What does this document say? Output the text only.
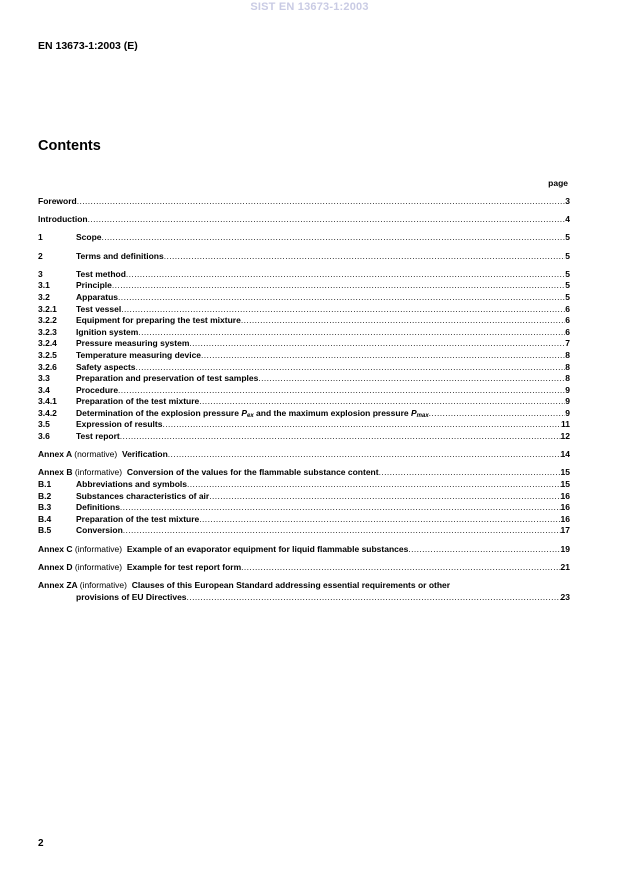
SIST EN 13673-1:2003
EN 13673-1:2003 (E)
Contents
page
Foreword .....	3
Introduction .....	4
1	Scope .....	5
2	Terms and definitions .....	5
3	Test method .....	5
3.1	Principle .....	5
3.2	Apparatus .....	5
3.2.1	Test vessel .....	6
3.2.2	Equipment for preparing the test mixture .....	6
3.2.3	Ignition system .....	6
3.2.4	Pressure measuring system .....	7
3.2.5	Temperature measuring device .....	8
3.2.6	Safety aspects .....	8
3.3	Preparation and preservation of test samples .....	8
3.4	Procedure .....	9
3.4.1	Preparation of the test mixture .....	9
3.4.2	Determination of the explosion pressure $P_{ex}$ and the maximum explosion pressure $P_{max}$ .....	9
3.5	Expression of results .....	11
3.6	Test report .....	12
Annex A (normative) Verification .....	14
Annex B (informative) Conversion of the values for the flammable substance content .....	15
B.1	Abbreviations and symbols .....	15
B.2	Substances characteristics of air .....	16
B.3	Definitions .....	16
B.4	Preparation of the test mixture .....	16
B.5	Conversion .....	17
Annex C (informative) Example of an evaporator equipment for liquid flammable substances .....	19
Annex D (informative) Example for test report form .....	21
Annex ZA (informative) Clauses of this European Standard addressing essential requirements or other
provisions of EU Directives .....	23
2
